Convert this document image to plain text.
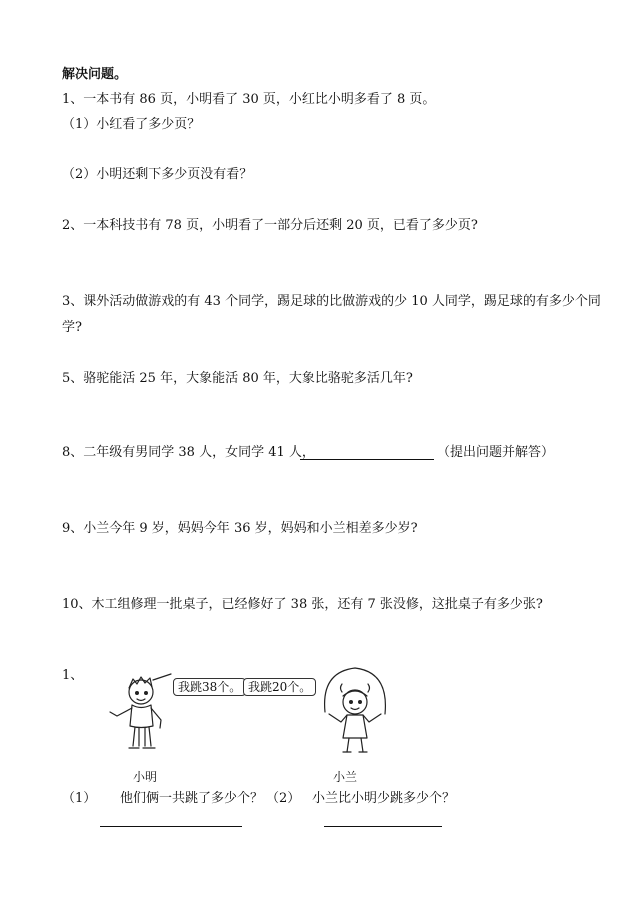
解决问题。
1、一本书有 86 页，小明看了 30 页，小红比小明多看了 8 页。
（1）小红看了多少页？
（2）小明还剩下多少页没有看？
2、一本科技书有 78 页，小明看了一部分后还剩 20 页，已看了多少页?
3、课外活动做游戏的有 43 个同学，踢足球的比做游戏的少 10 人同学，踢足球的有多少个同
学?
5、骆驼能活 25 年，大象能活 80 年，大象比骆驼多活几年?
8、二年级有男同学 38 人，女同学 41 人，	（提出问题并解答）
9、小兰今年 9 岁，妈妈今年 36 岁，妈妈和小兰相差多少岁?
10、木工组修理一批桌子，已经修好了 38 张，还有 7 张没修，这批桌子有多少张?
1、
我跳38个。 我跳20个。
小明	小兰
（1） 他们俩一共跳了多少个？ （2） 小兰比小明少跳多少个？
